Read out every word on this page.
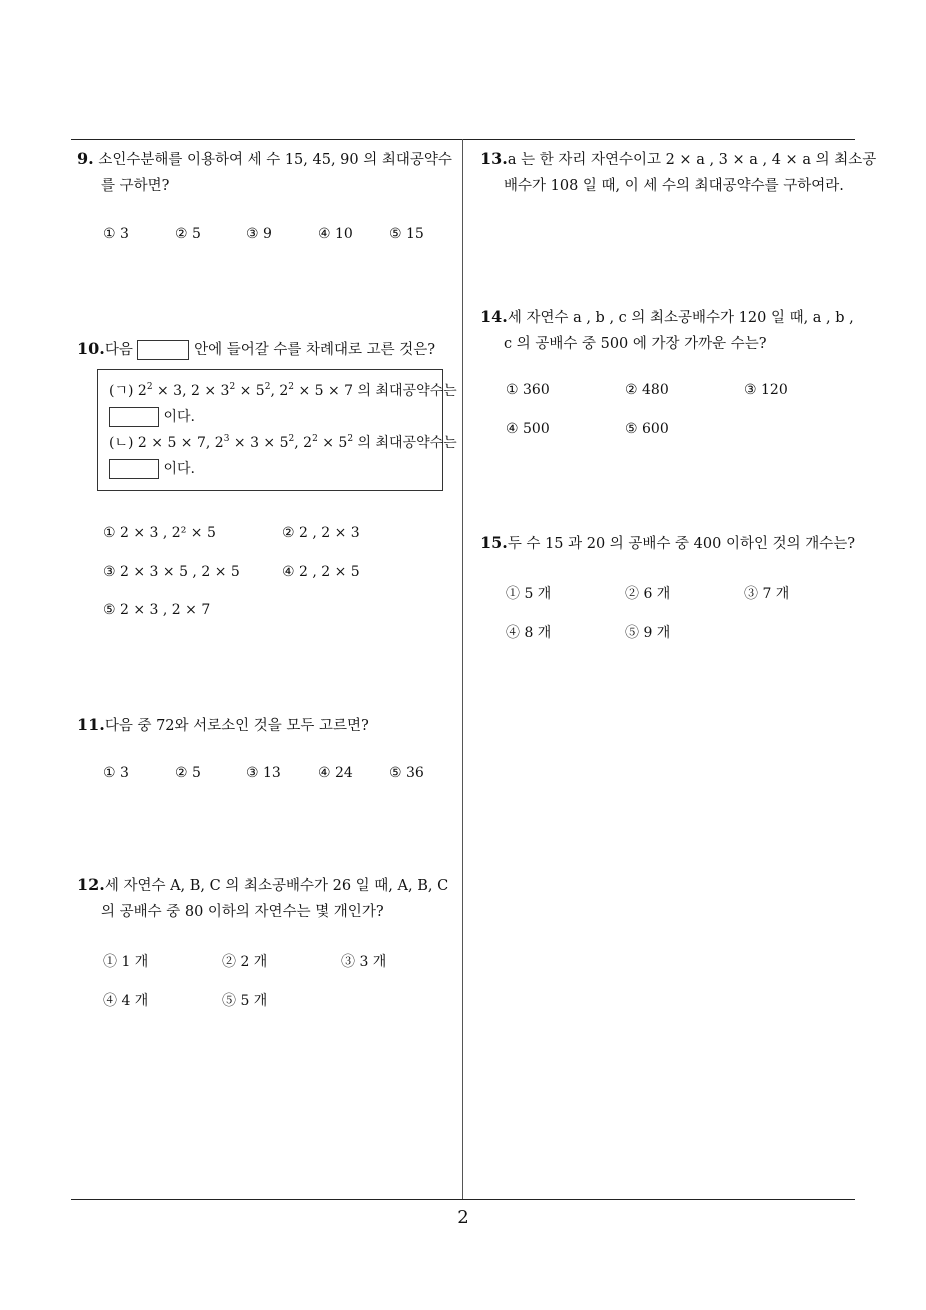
2
9. 소인수분해를 이용하여 세 수 15, 45, 90 의 최대공약수
를 구하면?
① 3	② 5	③ 9	④ 10	⑤ 15
10.다음	안에 들어갈 수를 차례대로 고른 것은?
(ㄱ) $2^2 \times 3$, $2 \times 3^2 \times 5^2$, $2^2 \times 5 \times 7$ 의 최대공약수는
이다.
(ㄴ) 2 × 5 × 7, $2^3 \times 3 \times 5^2$, $2^2 \times 5^2$ 의 최대공약수는
이다.
① 2 × 3 , 2² × 5	② 2 , 2 × 3
③ 2 × 3 × 5 , 2 × 5	④ 2 , 2 × 5
⑤ 2 × 3 , 2 × 7
11.다음 중 72와 서로소인 것을 모두 고르면?
① 3	② 5	③ 13	④ 24	⑤ 36
12.세 자연수 A, B, C 의 최소공배수가 26 일 때, A, B, C
의 공배수 중 80 이하의 자연수는 몇 개인가?
① 1 개	② 2 개	③ 3 개
④ 4 개	⑤ 5 개
13.a 는 한 자리 자연수이고 2 × a , 3 × a , 4 × a 의 최소공
배수가 108 일 때, 이 세 수의 최대공약수를 구하여라.
14.세 자연수 a , b , c 의 최소공배수가 120 일 때, a , b ,
c 의 공배수 중 500 에 가장 가까운 수는?
① 360	② 480	③ 120
④ 500	⑤ 600
15.두 수 15 과 20 의 공배수 중 400 이하인 것의 개수는?
① 5 개	② 6 개	③ 7 개
④ 8 개	⑤ 9 개
